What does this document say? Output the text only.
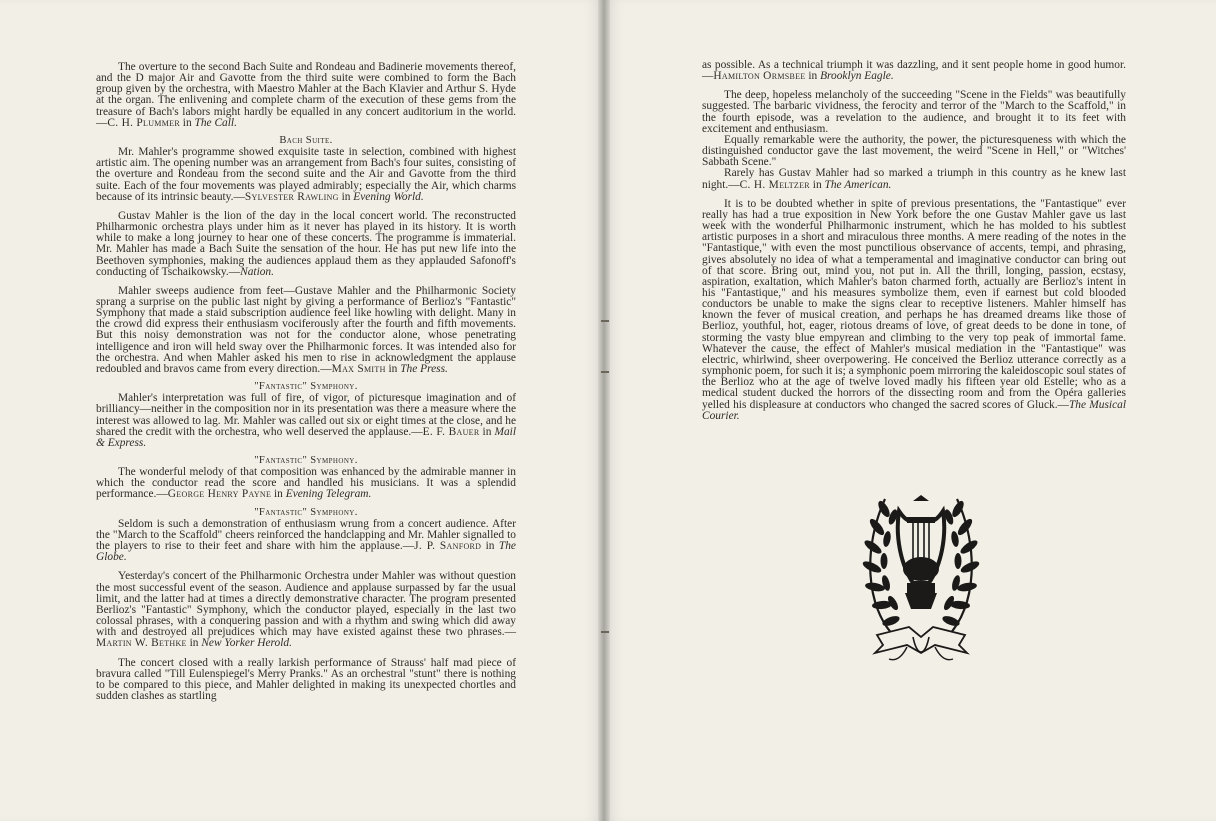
The overture to the second Bach Suite and Rondeau and Badinerie movements thereof, and the D major Air and Gavotte from the third suite were combined to form the Bach group given by the orchestra, with Maestro Mahler at the Bach Klavier and Arthur S. Hyde at the organ. The enlivening and complete charm of the execution of these gems from the treasure of Bach's labors might hardly be equalled in any concert auditorium in the world.—C. H. Plummer in The Call.

Bach Suite.

Mr. Mahler's programme showed exquisite taste in selection, combined with highest artistic aim. The opening number was an arrangement from Bach's four suites, consisting of the overture and Rondeau from the second suite and the Air and Gavotte from the third suite. Each of the four movements was played admirably; especially the Air, which charms because of its intrinsic beauty.—Sylvester Rawling in Evening World.

Gustav Mahler is the lion of the day in the local concert world. The reconstructed Philharmonic orchestra plays under him as it never has played in its history. It is worth while to make a long journey to hear one of these concerts. The programme is immaterial. Mr. Mahler has made a Bach Suite the sensation of the hour. He has put new life into the Beethoven symphonies, making the audiences applaud them as they applauded Safonoff's conducting of Tschaikowsky.—Nation.

Mahler sweeps audience from feet—Gustave Mahler and the Philharmonic Society sprang a surprise on the public last night by giving a performance of Berlioz's "Fantastic" Symphony that made a staid subscription audience feel like howling with delight. Many in the crowd did express their enthusiasm vociferously after the fourth and fifth movements. But this noisy demonstration was not for the conductor alone, whose penetrating intelligence and iron will held sway over the Philharmonic forces. It was intended also for the orchestra. And when Mahler asked his men to rise in acknowledgment the applause redoubled and bravos came from every direction.—Max Smith in The Press.

"Fantastic" Symphony.

Mahler's interpretation was full of fire, of vigor, of picturesque imagination and of brilliancy—neither in the composition nor in its presentation was there a measure where the interest was allowed to lag. Mr. Mahler was called out six or eight times at the close, and he shared the credit with the orchestra, who well deserved the applause.—E. F. Bauer in Mail & Express.

"Fantastic" Symphony.

The wonderful melody of that composition was enhanced by the admirable manner in which the conductor read the score and handled his musicians. It was a splendid performance.—George Henry Payne in Evening Telegram.

"Fantastic" Symphony.

Seldom is such a demonstration of enthusiasm wrung from a concert audience. After the "March to the Scaffold" cheers reinforced the handclapping and Mr. Mahler signalled to the players to rise to their feet and share with him the applause.—J. P. Sanford in The Globe.

Yesterday's concert of the Philharmonic Orchestra under Mahler was without question the most successful event of the season. Audience and applause surpassed by far the usual limit, and the latter had at times a directly demonstrative character. The program presented Berlioz's "Fantastic" Symphony, which the conductor played, especially in the last two colossal phrases, with a conquering passion and with a rhythm and swing which did away with and destroyed all prejudices which may have existed against these two phrases.—Martin W. Bethke in New Yorker Herold.

The concert closed with a really larkish performance of Strauss' half mad piece of bravura called "Till Eulenspiegel's Merry Pranks." As an orchestral "stunt" there is nothing to be compared to this piece, and Mahler delighted in making its unexpected chortles and sudden clashes as startling

as possible. As a technical triumph it was dazzling, and it sent people home in good humor.—Hamilton Ormsbee in Brooklyn Eagle.

The deep, hopeless melancholy of the succeeding "Scene in the Fields" was beautifully suggested. The barbaric vividness, the ferocity and terror of the "March to the Scaffold," in the fourth episode, was a revelation to the audience, and brought it to its feet with excitement and enthusiasm.

Equally remarkable were the authority, the power, the picturesqueness with which the distinguished conductor gave the last movement, the weird "Scene in Hell," or "Witches' Sabbath Scene."

Rarely has Gustav Mahler had so marked a triumph in this country as he knew last night.—C. H. Meltzer in The American.

It is to be doubted whether in spite of previous presentations, the "Fantastique" ever really has had a true exposition in New York before the one Gustav Mahler gave us last week with the wonderful Philharmonic instrument, which he has molded to his subtlest artistic purposes in a short and miraculous three months. A mere reading of the notes in the "Fantastique," with even the most punctilious observance of accents, tempi, and phrasing, gives absolutely no idea of what a temperamental and imaginative conductor can bring out of that score. Bring out, mind you, not put in. All the thrill, longing, passion, ecstasy, aspiration, exaltation, which Mahler's baton charmed forth, actually are Berlioz's intent in his "Fantastique," and his measures symbolize them, even if earnest but cold blooded conductors be unable to make the signs clear to receptive listeners. Mahler himself has known the fever of musical creation, and perhaps he has dreamed dreams like those of Berlioz, youthful, hot, eager, riotous dreams of love, of great deeds to be done in tone, of storming the vasty blue empyrean and climbing to the very top peak of immortal fame. Whatever the cause, the effect of Mahler's musical mediation in the "Fantastique" was electric, whirlwind, sheer overpowering. He conceived the Berlioz utterance correctly as a symphonic poem, for such it is; a symphonic poem mirroring the kaleidoscopic soul states of the Berlioz who at the age of twelve loved madly his fifteen year old Estelle; who as a medical student ducked the horrors of the dissecting room and from the Opéra galleries yelled his displeasure at conductors who changed the sacred scores of Gluck.—The Musical Courier.
